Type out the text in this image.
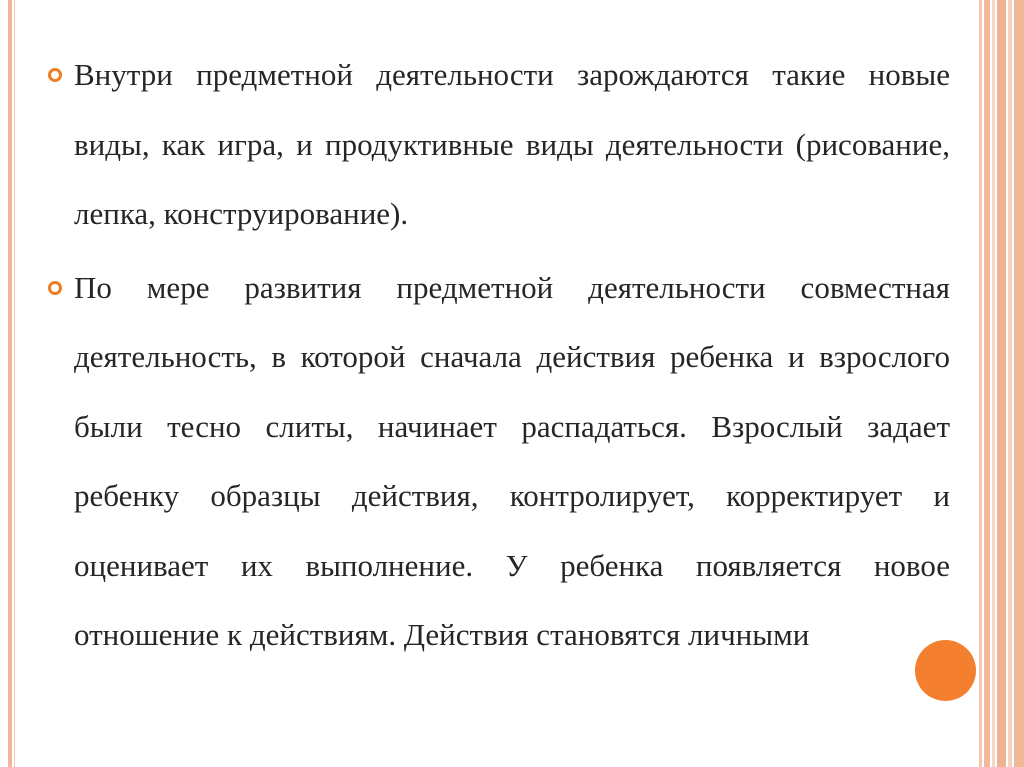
Внутри предметной деятельности зарождаются такие новые виды, как игра, и продуктивные виды деятельности (рисование, лепка, конструирование).

По мере развития предметной деятельности совместная деятельность, в которой сначала действия ребенка и взрослого были тесно слиты, начинает распадаться. Взрослый задает ребенку образцы действия, контролирует, корректирует и оценивает их выполнение. У ребенка появляется новое отношение к действиям. Действия становятся личными
